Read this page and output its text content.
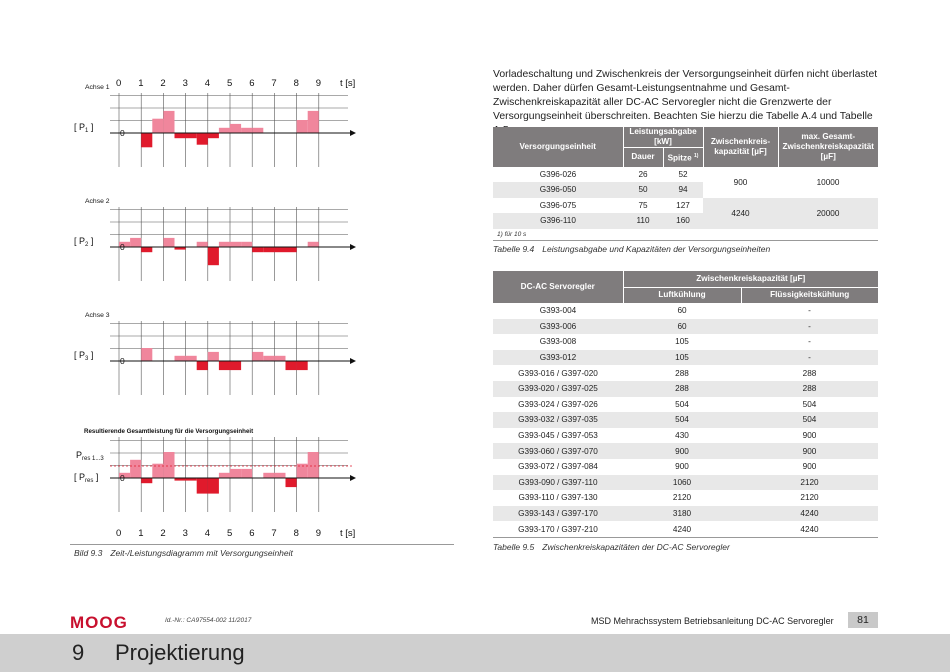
0
0
1
1
2
2
3
3
4
4
5
5
6
6
7
7
8
8
9
9
t [s]
t [s]
Achse 1
0
[ $P_1$ ]
Achse 2
0
[ $P_2$ ]
Achse 3
0
[ $P_3$ ]
Resultierende Gesamtleistung für die Versorgungseinheit
0
[ $P_{res}$ ]
$P_{res 1...3}$
Bild 9.3 Zeit-/Leistungsdiagramm mit Versorgungseinheit

Vorladeschaltung und Zwischenkreis der Versorgungseinheit dürfen nicht überlastet werden. Daher dürfen Gesamt-Leistungsentnahme und Gesamt-Zwischenkreiskapazität aller DC-AC Servoregler nicht die Grenzwerte der Versorgungseinheit überschreiten. Beachten Sie hierzu die Tabelle A.4 und Tabelle

Versorgungseinheit	Leistungsabgabe [kW]		Zwischenkreis-kapazität [µF]	max. Gesamt-Zwischenkreiskapazität [µF]
	Dauer	Spitze $^{1)}$
G396-026	26	52	900	10000
G396-050	50	94		
G396-075	75	127	4240	20000
G396-110	110	160		
1) für 10 s
Tabelle 9.4 Leistungsabgabe und Kapazitäten der Versorgungseinheiten
DC-AC Servoregler	Zwischenkreiskapazität [µF]	
	Luftkühlung	Flüssigkeitskühlung
G393-004	60	-
G393-006	60	-
G393-008	105	-
G393-012	105	-
G393-016 / G397-020	288	288
G393-020 / G397-025	288	288
G393-024 / G397-026	504	504
G393-032 / G397-035	504	504
G393-045 / G397-053	430	900
G393-060 / G397-070	900	900
G393-072 / G397-084	900	900
G393-090 / G397-110	1060	2120
G393-110 / G397-130	2120	2120
G393-143 / G397-170	3180	4240
G393-170 / G397-210	4240	4240
Tabelle 9.5 Zwischenkreiskapazitäten der DC-AC Servoregler
MOOG	Id.-Nr.: CA97554-002 11/2017	MSD Mehrachssystem Betriebsanleitung DC-AC Servoregler	81
9 Projektierung
